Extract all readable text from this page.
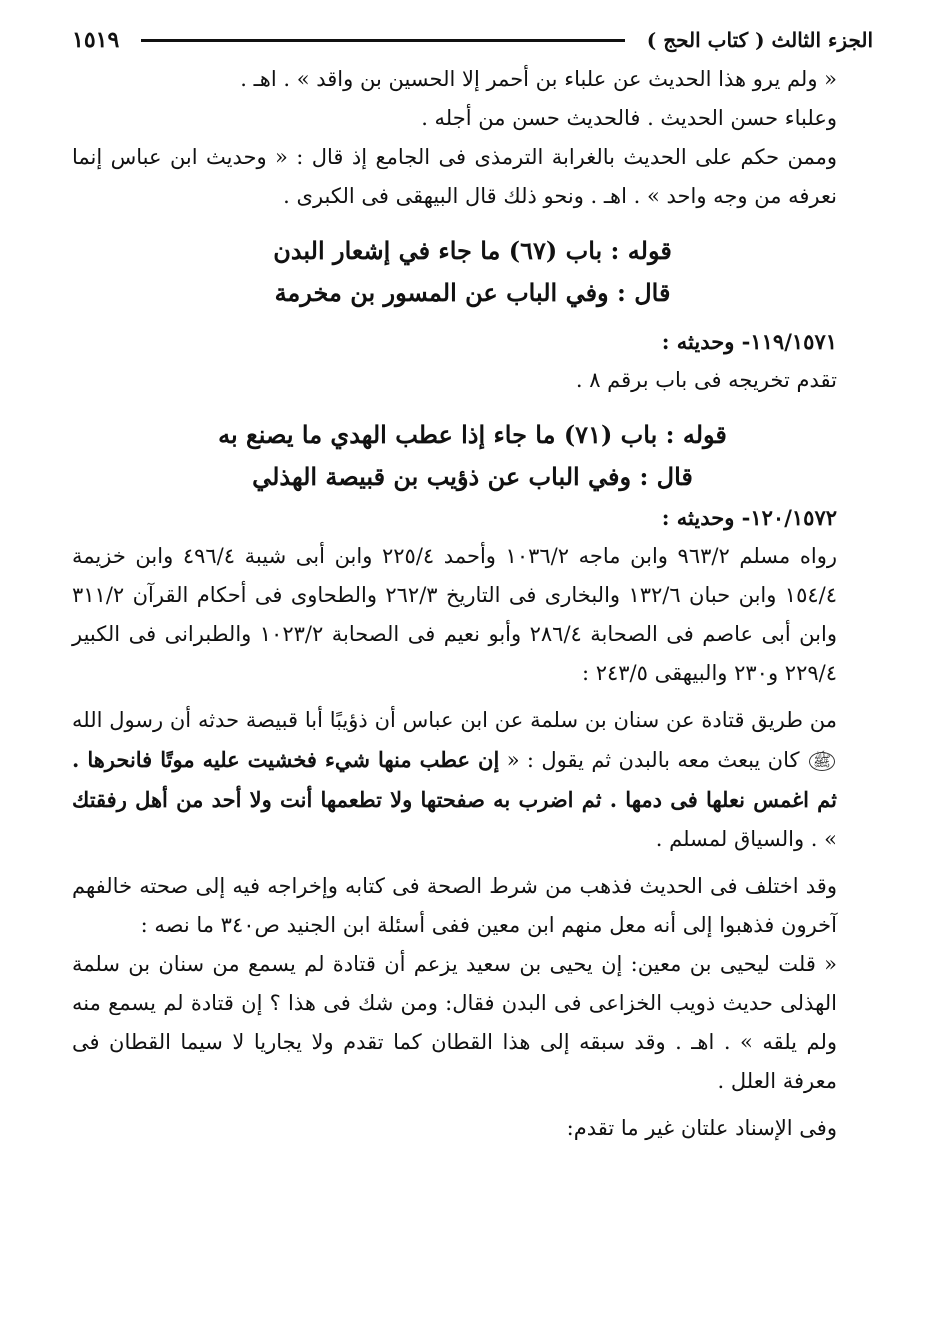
الجزء الثالث ( كتاب الحج )
١٥١٩

« ولم يرو هذا الحديث عن علباء بن أحمر إلا الحسين بن واقد » . اهـ .

وعلباء حسن الحديث . فالحديث حسن من أجله .

وممن حكم على الحديث بالغرابة الترمذى فى الجامع إذ قال : « وحديث ابن عباس إنما نعرفه من وجه واحد » . اهـ . ونحو ذلك قال البيهقى فى الكبرى .

قوله : باب (٦٧) ما جاء في إشعار البدن

قال : وفي الباب عن المسور بن مخرمة

١١٩/١٥٧١- وحديثه :

تقدم تخريجه فى باب برقم ٨ .

قوله : باب (٧١) ما جاء إذا عطب الهدي ما يصنع به

قال : وفي الباب عن ذؤيب بن قبيصة الهذلي

١٢٠/١٥٧٢- وحديثه :

رواه مسلم ٩٦٣/٢ وابن ماجه ١٠٣٦/٢ وأحمد ٢٢٥/٤ وابن أبى شيبة ٤٩٦/٤ وابن خزيمة ١٥٤/٤ وابن حبان ١٣٢/٦ والبخارى فى التاريخ ٢٦٢/٣ والطحاوى فى أحكام القرآن ٣١١/٢ وابن أبى عاصم فى الصحابة ٢٨٦/٤ وأبو نعيم فى الصحابة ١٠٢٣/٢ والطبرانى فى الكبير ٢٢٩/٤ و٢٣٠ والبيهقى ٢٤٣/٥ :

من طريق قتادة عن سنان بن سلمة عن ابن عباس أن ذؤيبًا أبا قبيصة حدثه أن رسول الله ﷺ كان يبعث معه بالبدن ثم يقول : « إن عطب منها شيء فخشيت عليه موتًا فانحرها . ثم اغمس نعلها فى دمها . ثم اضرب به صفحتها ولا تطعمها أنت ولا أحد من أهل رفقتك » . والسياق لمسلم .

وقد اختلف فى الحديث فذهب من شرط الصحة فى كتابه وإخراجه فيه إلى صحته خالفهم آخرون فذهبوا إلى أنه معل منهم ابن معين ففى أسئلة ابن الجنيد ص٣٤٠ ما نصه :

« قلت ليحيى بن معين: إن يحيى بن سعيد يزعم أن قتادة لم يسمع من سنان بن سلمة الهذلى حديث ذويب الخزاعى فى البدن فقال: ومن شك فى هذا ؟ إن قتادة لم يسمع منه ولم يلقه » . اهـ . وقد سبقه إلى هذا القطان كما تقدم ولا يجاريا لا سيما القطان فى معرفة العلل .

وفى الإسناد علتان غير ما تقدم:
